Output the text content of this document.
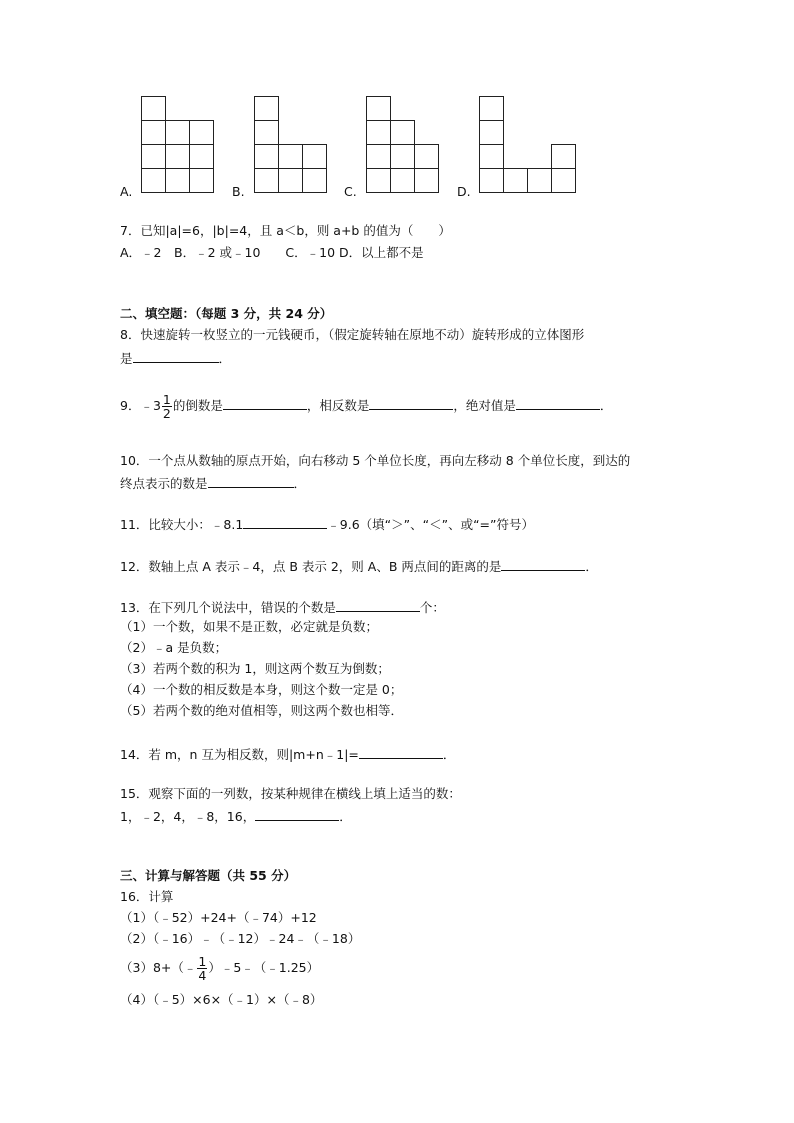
A.	B.	C.	D.
7．已知|a|=6，|b|=4，且 a＜b，则 a+b 的值为（　　）
A．﹣2　B．﹣2 或﹣10　　C．﹣10 D．以上都不是
二、填空题：（每题 3 分，共 24 分）
8．快速旋转一枚竖立的一元钱硬币，（假定旋转轴在原地不动）旋转形成的立体图形
是	．
9．﹣3 $\frac{1}{2}$ 的倒数是	，相反数是	，绝对值是	．
10．一个点从数轴的原点开始，向右移动 5 个单位长度，再向左移动 8 个单位长度，到达的
终点表示的数是	．
11．比较大小：﹣8.1	﹣9.6（填“＞”、“＜”、或“=”符号）
12．数轴上点 A 表示﹣4，点 B 表示 2，则 A、B 两点间的距离的是	．
13．在下列几个说法中，错误的个数是	个：
（1）一个数，如果不是正数，必定就是负数；
（2）﹣a 是负数；
（3）若两个数的积为 1，则这两个数互为倒数；
（4）一个数的相反数是本身，则这个数一定是 0；
（5）若两个数的绝对值相等，则这两个数也相等．
14．若 m，n 互为相反数，则|m+n﹣1|=	．
15．观察下面的一列数，按某种规律在横线上填上适当的数：
1，﹣2，4，﹣8，16，	．
三、计算与解答题（共 55 分）
16．计算
（1）（﹣52）+24+（﹣74）+12
（2）（﹣16）﹣（﹣12）﹣24﹣（﹣18）
（3）8+（﹣ $\frac{1}{4}$ ）﹣5﹣（﹣1.25）
（4）（﹣5）×6×（﹣1）×（﹣8）
